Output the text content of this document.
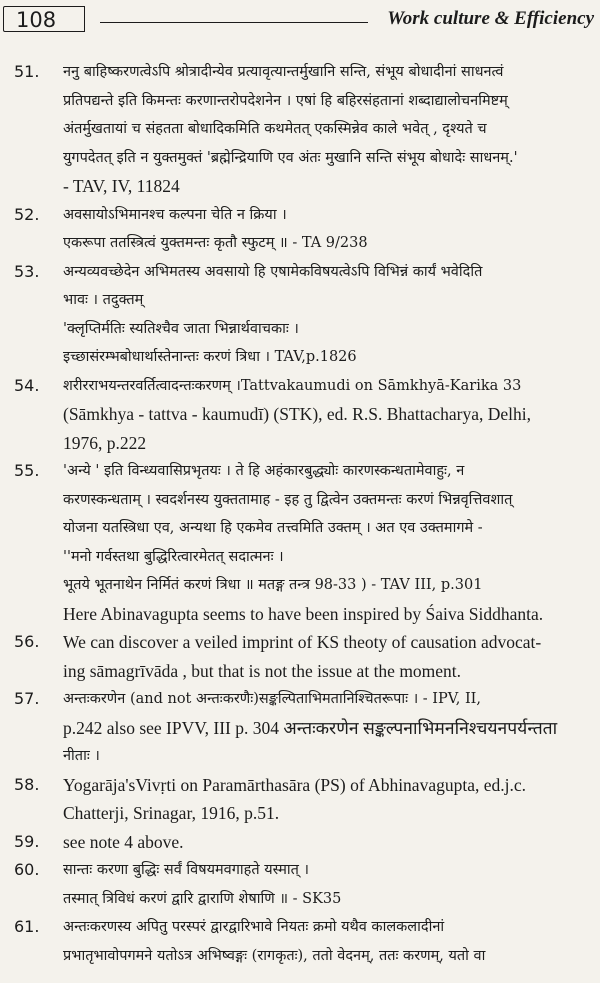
108	Work culture & Efficiency
51.	ननु बाहिष्करणत्वेऽपि श्रोत्रादीन्येव प्रत्यावृत्यान्तर्मुखानि सन्ति, संभूय बोधादीनां साधनत्वं
प्रतिपद्यन्ते इति किमन्तः करणान्तरोपदेशनेन । एषां हि बहिरसंहतानां शब्दाद्यालोचनमिष्टम्
अंतर्मुखतायां च संहतता बोधादिकमिति कथमेतत् एकस्मिन्नेव काले भवेत् , दृश्यते च
युगपदेतत् इति न युक्तमुक्तं 'ब्रह्मेन्द्रियाणि एव अंतः मुखानि सन्ति संभूय बोधादेः साधनम्.'
- TAV, IV, 11824
52.	अवसायोऽभिमानश्च कल्पना चेति न क्रिया ।
एकरूपा ततस्त्रित्वं युक्तमन्तः कृतौ स्फुटम् ॥ - TA 9/238
53.	अन्यव्यवच्छेदेन अभिमतस्य अवसायो हि एषामेकविषयत्वेऽपि विभिन्नं कार्यं भवेदिति
भावः । तदुक्तम्
'क्लृप्तिर्मतिः स्यतिश्चैव जाता भिन्नार्थवाचकाः ।
इच्छासंरम्भबोधार्थास्तेनान्तः करणं त्रिधा । TAV,p.1826
54.	शरीरराभयन्तरवर्तित्वादन्तःकरणम् ।Tattvakaumudi on Sāmkhyā-Karika 33
(Sāmkhya - tattva - kaumudī) (STK), ed. R.S. Bhattacharya, Delhi,
1976, p.222
55.	'अन्ये ' इति विन्ध्यवासिप्रभृतयः । ते हि अहंकारबुद्ध्योः कारणस्कन्धतामेवाहुः, न
करणस्कन्धताम् । स्वदर्शनस्य युक्ततामाह - इह तु द्वित्वेन उक्तमन्तः करणं भिन्नवृत्तिवशात्
योजना यतस्त्रिधा एव, अन्यथा हि एकमेव तत्त्वमिति उक्तम् । अत एव उक्तमागमे -
''मनो गर्वस्तथा बुद्धिरित्वारमेतत् सदात्मनः ।
भूतये भूतनाथेन निर्मितं करणं त्रिधा ॥ मतङ्ग तन्त्र 98-33 ) - TAV III, p.301
Here Abinavagupta seems to have been inspired by Śaiva Siddhanta.
56.	We can discover a veiled imprint of KS theoty of causation advocat-
ing sāmagrīvāda , but that is not the issue at the moment.
57.	अन्तःकरणेन (and not अन्तःकरणैः)सङ्कल्पिताभिमतानिश्चितरूपाः । - IPV, II,
p.242 also see IPVV, III p. 304 अन्तःकरणेन सङ्कल्पनाभिमननिश्चयनपर्यन्तता
नीताः ।
58.	Yogarāja'sVivṛti on Paramārthasāra (PS) of Abhinavagupta, ed.j.c.
Chatterji, Srinagar, 1916, p.51.
59.	see note 4 above.
60.	सान्तः करणा बुद्धिः सर्वं विषयमवगाहते यस्मात् ।
तस्मात् त्रिविधं करणं द्वारि द्वाराणि शेषाणि ॥ - SK35
61.	अन्तःकरणस्य अपितु परस्परं द्वारद्वारिभावे नियतः क्रमो यथैव कालकलादीनां
प्रभातृभावोपगमने यतोऽत्र अभिष्वङ्गः (रागकृतः), ततो वेदनम्, ततः करणम्, यतो वा
